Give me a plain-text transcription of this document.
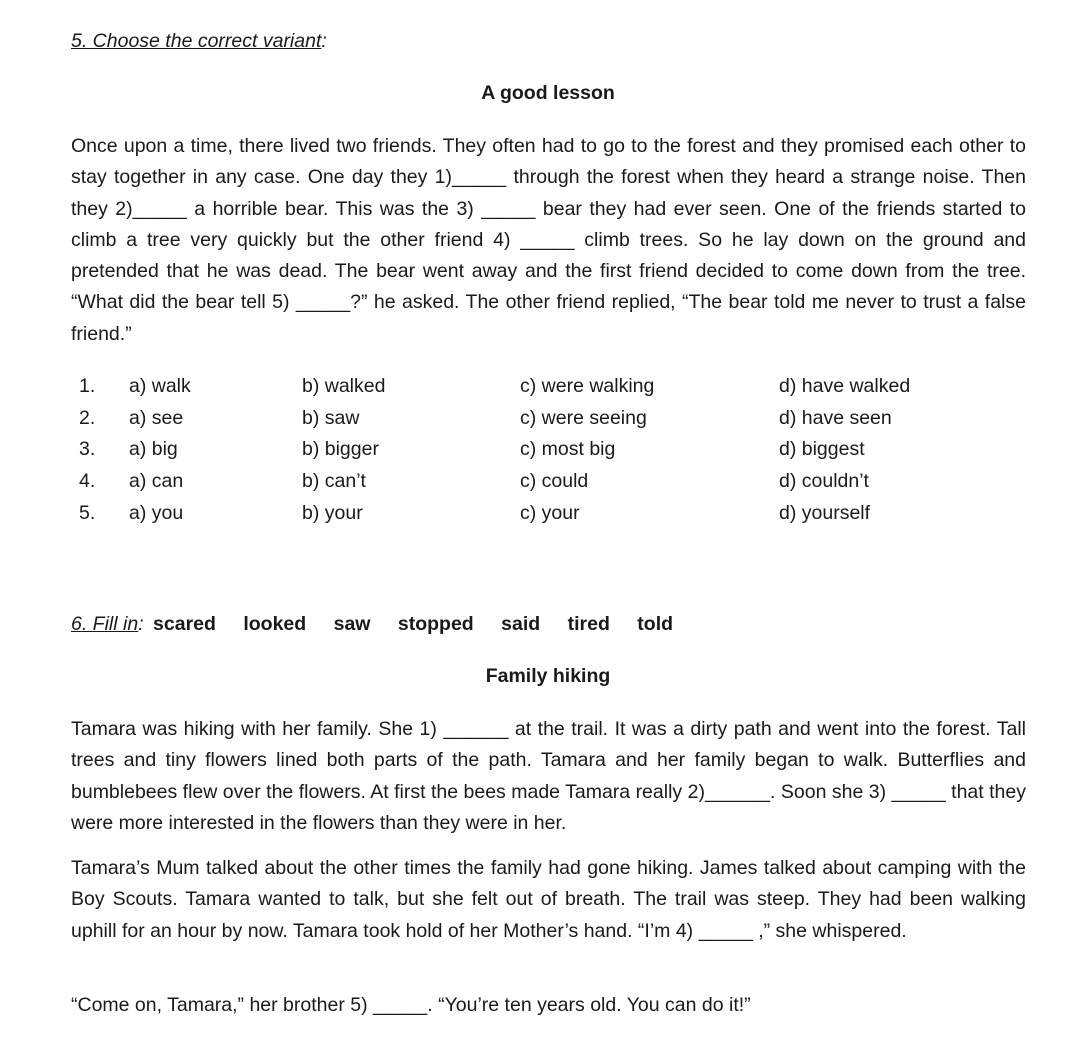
5. Choose the correct variant:
A good lesson
Once upon a time, there lived two friends. They often had to go to the forest and they promised each other to stay together in any case. One day they 1)_____ through the forest when they heard a strange noise. Then they 2)_____ a horrible bear. This was the 3) _____ bear they had ever seen. One of the friends started to climb a tree very quickly but the other friend 4) _____ climb trees. So he lay down on the ground and pretended that he was dead. The bear went away and the first friend decided to come down from the tree. “What did the bear tell 5) _____?” he asked. The other friend replied, “The bear told me never to trust a false friend.”
1.	a) walk	b) walked	c) were walking	d) have walked
2.	a) see	b) saw	c) were seeing	d) have seen
3.	a) big	b) bigger	c) most big	d) biggest
4.	a) can	b) can’t	c) could	d) couldn’t
5.	a) you	b) your	c) your	d) yourself
6. Fill in: scared looked saw stopped said tired told
Family hiking
Tamara was hiking with her family. She 1) ______ at the trail. It was a dirty path and went into the forest. Tall trees and tiny flowers lined both parts of the path. Tamara and her family began to walk. Butterflies and bumblebees flew over the flowers. At first the bees made Tamara really 2)______. Soon she 3) _____ that they were more interested in the flowers than they were in her.
Tamara’s Mum talked about the other times the family had gone hiking. James talked about camping with the Boy Scouts. Tamara wanted to talk, but she felt out of breath. The trail was steep. They had been walking uphill for an hour by now. Tamara took hold of her Mother’s hand. “I’m 4) _____ ,” she whispered.
“Come on, Tamara,” her brother 5) _____. “You’re ten years old. You can do it!”
